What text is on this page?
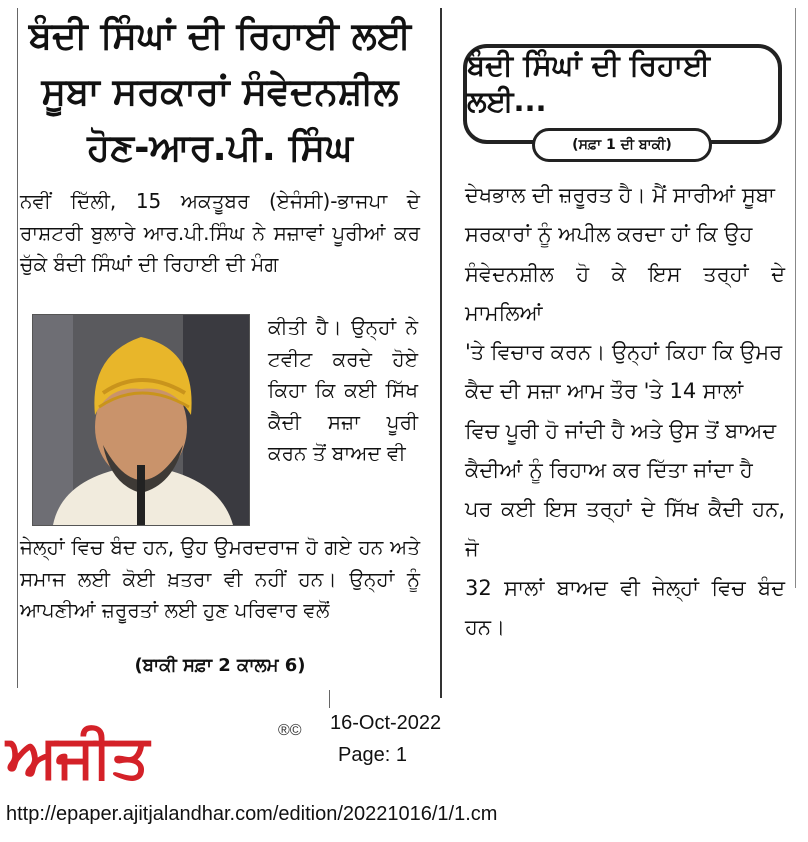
ਬੰਦੀ ਸਿੰਘਾਂ ਦੀ ਰਿਹਾਈ ਲਈ
ਸੂਬਾ ਸਰਕਾਰਾਂ ਸੰਵੇਦਨਸ਼ੀਲ
ਹੋਣ-ਆਰ.ਪੀ. ਸਿੰਘ
ਨਵੀਂ ਦਿੱਲੀ, 15 ਅਕਤੂਬਰ (ਏਜੰਸੀ)-ਭਾਜਪਾ ਦੇ ਰਾਸ਼ਟਰੀ ਬੁਲਾਰੇ ਆਰ.ਪੀ.ਸਿੰਘ ਨੇ ਸਜ਼ਾਵਾਂ ਪੂਰੀਆਂ ਕਰ ਚੁੱਕੇ ਬੰਦੀ ਸਿੰਘਾਂ ਦੀ ਰਿਹਾਈ ਦੀ ਮੰਗ
ਕੀਤੀ ਹੈ। ਉਨ੍ਹਾਂ ਨੇ ਟਵੀਟ ਕਰਦੇ ਹੋਏ ਕਿਹਾ ਕਿ ਕਈ ਸਿੱਖ ਕੈਦੀ ਸਜ਼ਾ ਪੂਰੀ ਕਰਨ ਤੋਂ ਬਾਅਦ ਵੀ
ਜੇਲ੍ਹਾਂ ਵਿਚ ਬੰਦ ਹਨ, ਉਹ ਉਮਰਦਰਾਜ ਹੋ ਗਏ ਹਨ ਅਤੇ ਸਮਾਜ ਲਈ ਕੋਈ ਖ਼ਤਰਾ ਵੀ ਨਹੀਂ ਹਨ। ਉਨ੍ਹਾਂ ਨੂੰ ਆਪਣੀਆਂ ਜ਼ਰੂਰਤਾਂ ਲਈ ਹੁਣ ਪਰਿਵਾਰ ਵਲੋਂ
(ਬਾਕੀ ਸਫ਼ਾ 2 ਕਾਲਮ 6)
ਬੰਦੀ ਸਿੰਘਾਂ ਦੀ ਰਿਹਾਈ ਲਈ...
(ਸਫ਼ਾ 1 ਦੀ ਬਾਕੀ)
ਦੇਖਭਾਲ ਦੀ ਜ਼ਰੂਰਤ ਹੈ। ਮੈਂ ਸਾਰੀਆਂ ਸੂਬਾ
ਸਰਕਾਰਾਂ ਨੂੰ ਅਪੀਲ ਕਰਦਾ ਹਾਂ ਕਿ ਉਹ
ਸੰਵੇਦਨਸ਼ੀਲ ਹੋ ਕੇ ਇਸ ਤਰ੍ਹਾਂ ਦੇ ਮਾਮਲਿਆਂ
'ਤੇ ਵਿਚਾਰ ਕਰਨ। ਉਨ੍ਹਾਂ ਕਿਹਾ ਕਿ ਉਮਰ
ਕੈਦ ਦੀ ਸਜ਼ਾ ਆਮ ਤੌਰ 'ਤੇ 14 ਸਾਲਾਂ
ਵਿਚ ਪੂਰੀ ਹੋ ਜਾਂਦੀ ਹੈ ਅਤੇ ਉਸ ਤੋਂ ਬਾਅਦ
ਕੈਦੀਆਂ ਨੂੰ ਰਿਹਾਅ ਕਰ ਦਿੱਤਾ ਜਾਂਦਾ ਹੈ
ਪਰ ਕਈ ਇਸ ਤਰ੍ਹਾਂ ਦੇ ਸਿੱਖ ਕੈਦੀ ਹਨ, ਜੋ
32 ਸਾਲਾਂ ਬਾਅਦ ਵੀ ਜੇਲ੍ਹਾਂ ਵਿਚ ਬੰਦ ਹਨ।
ਅਜੀਤ	®© 16-Oct-2022
Page: 1
http://epaper.ajitjalandhar.com/edition/20221016/1/1.cm
